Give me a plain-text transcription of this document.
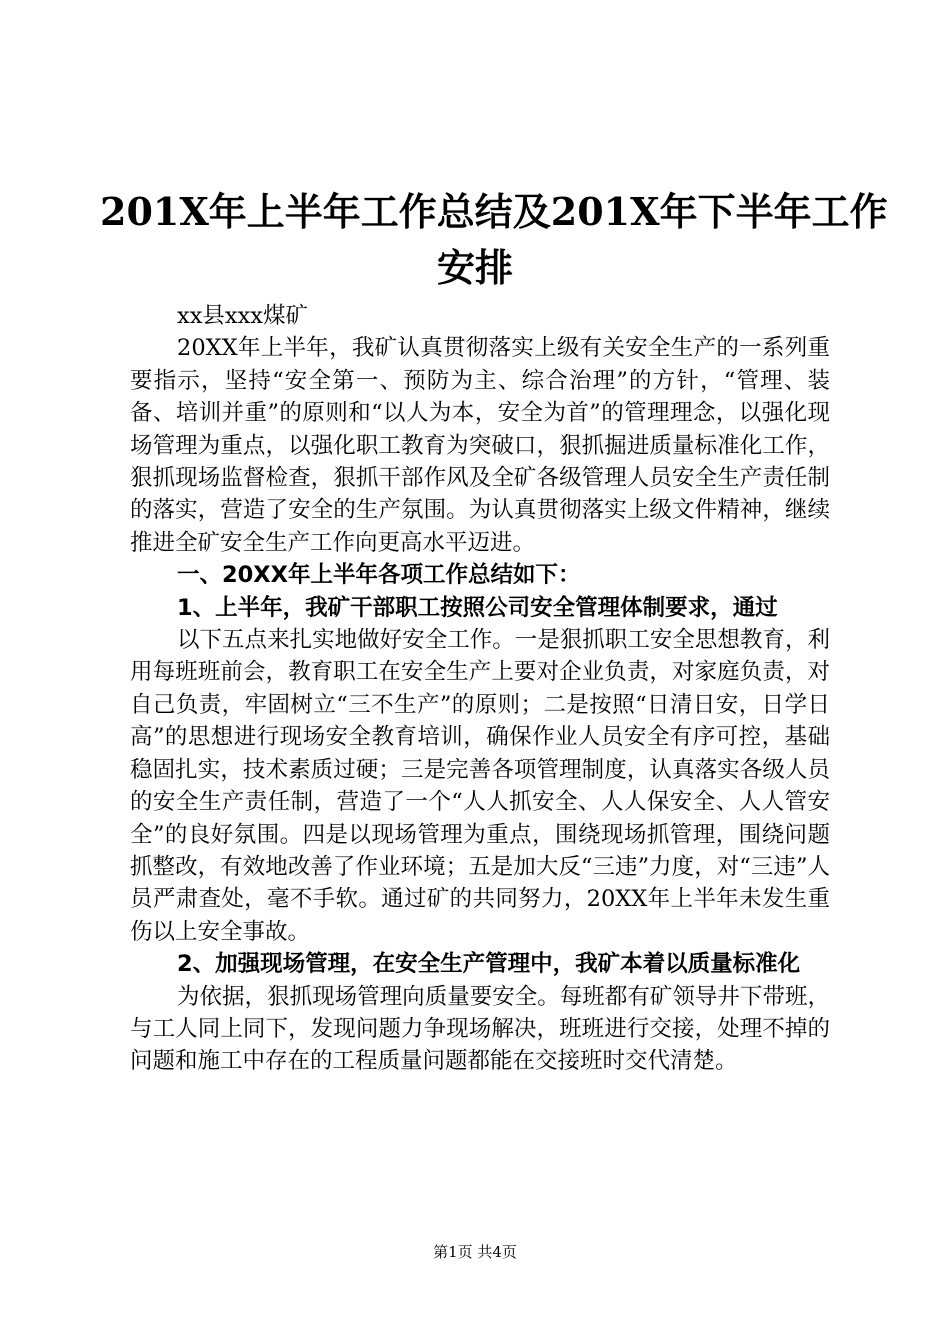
201X年上半年工作总结及201X年下半年工作
安排

xx县xxx煤矿

20XX年上半年，我矿认真贯彻落实上级有关安全生产的一系列重要指示，坚持“安全第一、预防为主、综合治理”的方针，“管理、装备、培训并重”的原则和“以人为本，安全为首”的管理理念，以强化现场管理为重点，以强化职工教育为突破口，狠抓掘进质量标准化工作，狠抓现场监督检查，狠抓干部作风及全矿各级管理人员安全生产责任制的落实，营造了安全的生产氛围。为认真贯彻落实上级文件精神，继续推进全矿安全生产工作向更高水平迈进。

一、20XX年上半年各项工作总结如下：

1、上半年，我矿干部职工按照公司安全管理体制要求，通过

以下五点来扎实地做好安全工作。一是狠抓职工安全思想教育，利用每班班前会，教育职工在安全生产上要对企业负责，对家庭负责，对自己负责，牢固树立“三不生产”的原则；二是按照“日清日安，日学日高”的思想进行现场安全教育培训，确保作业人员安全有序可控，基础稳固扎实，技术素质过硬；三是完善各项管理制度，认真落实各级人员的安全生产责任制，营造了一个“人人抓安全、人人保安全、人人管安全”的良好氛围。四是以现场管理为重点，围绕现场抓管理，围绕问题抓整改，有效地改善了作业环境；五是加大反“三违”力度，对“三违”人员严肃查处，毫不手软。通过矿的共同努力，20XX年上半年未发生重伤以上安全事故。

2、加强现场管理，在安全生产管理中，我矿本着以质量标准化

为依据，狠抓现场管理向质量要安全。每班都有矿领导井下带班，与工人同上同下，发现问题力争现场解决，班班进行交接，处理不掉的问题和施工中存在的工程质量问题都能在交接班时交代清楚。

第1页 共4页
